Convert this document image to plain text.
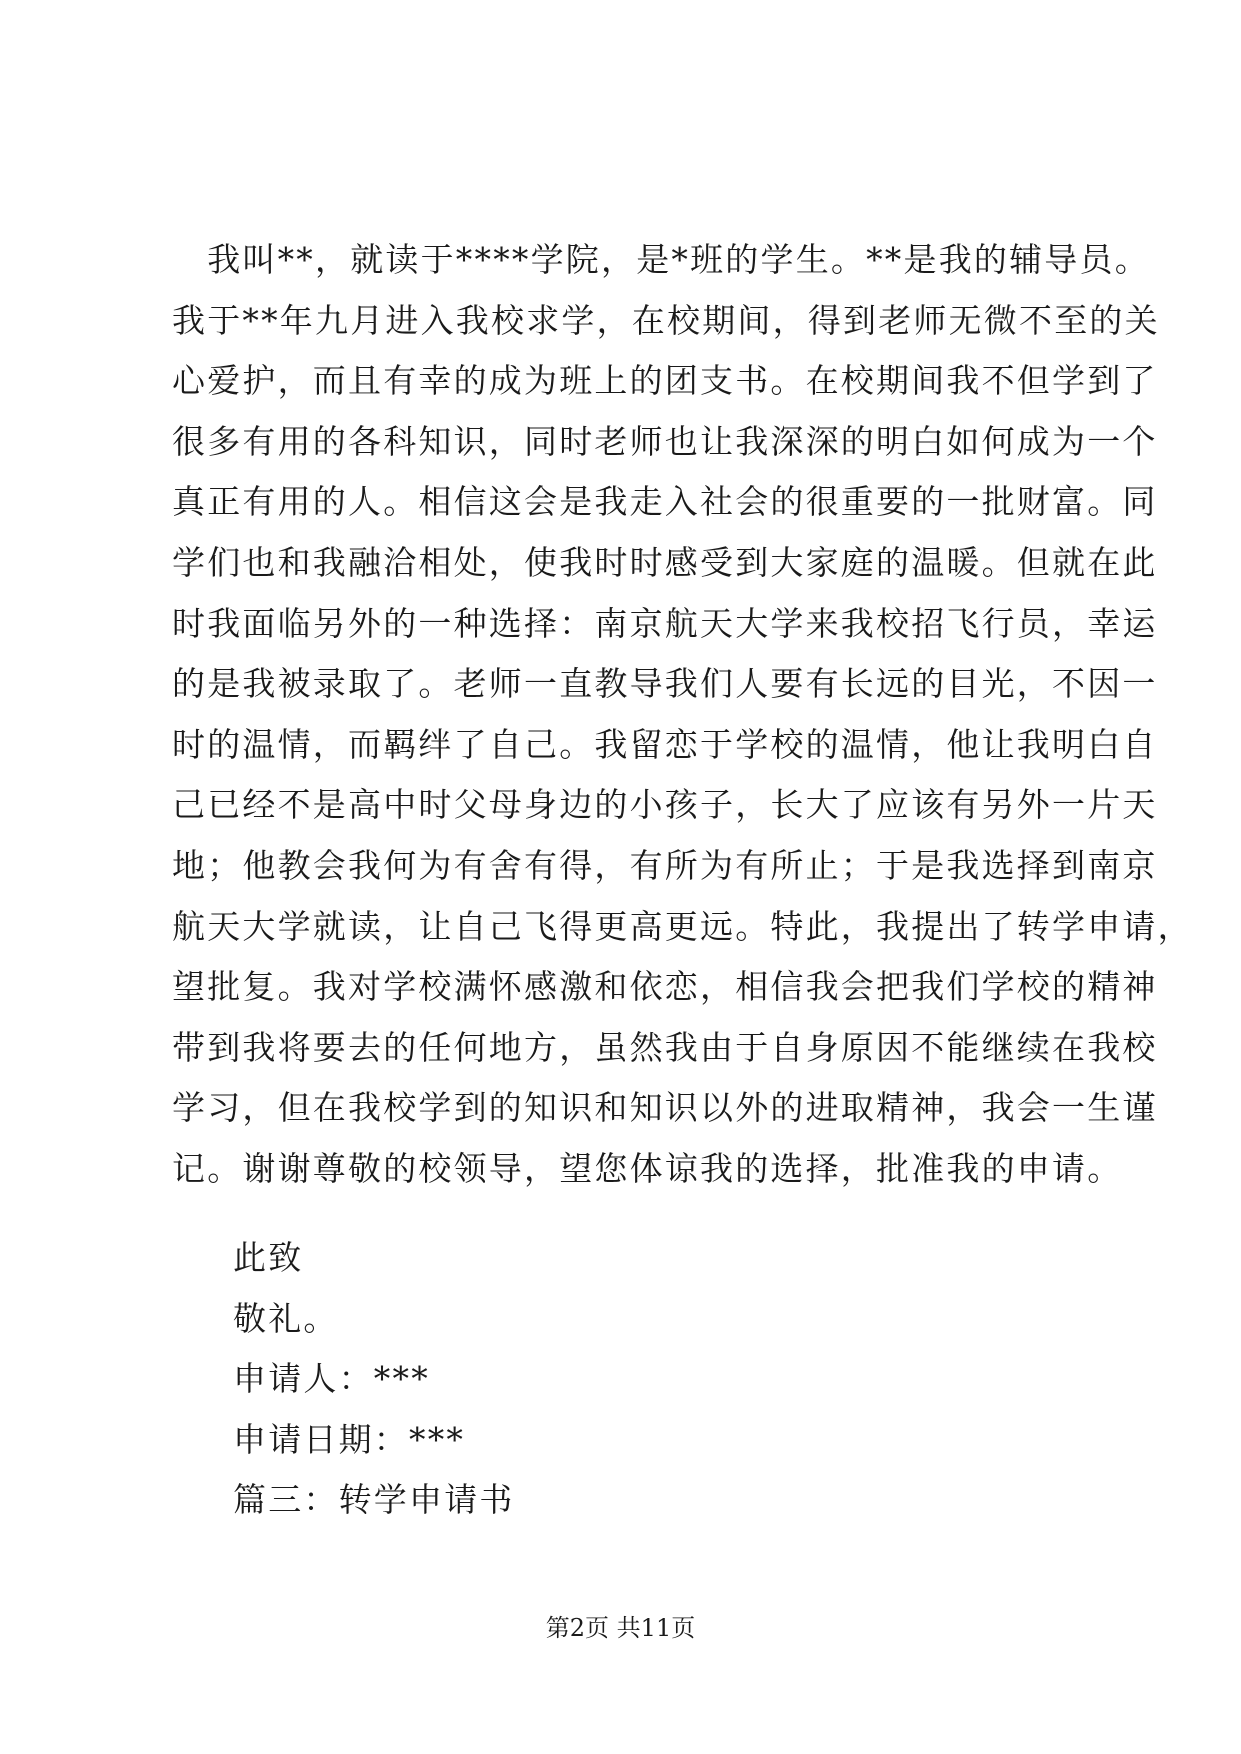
　我叫**，就读于****学院，是*班的学生。**是我的辅导员。
我于**年九月进入我校求学，在校期间，得到老师无微不至的关
心爱护，而且有幸的成为班上的团支书。在校期间我不但学到了
很多有用的各科知识，同时老师也让我深深的明白如何成为一个
真正有用的人。相信这会是我走入社会的很重要的一批财富。同
学们也和我融洽相处，使我时时感受到大家庭的温暖。但就在此
时我面临另外的一种选择：南京航天大学来我校招飞行员，幸运
的是我被录取了。老师一直教导我们人要有长远的目光，不因一
时的温情，而羁绊了自己。我留恋于学校的温情，他让我明白自
己已经不是高中时父母身边的小孩子，长大了应该有另外一片天
地；他教会我何为有舍有得，有所为有所止；于是我选择到南京
航天大学就读，让自己飞得更高更远。特此，我提出了转学申请，
望批复。我对学校满怀感激和依恋，相信我会把我们学校的精神
带到我将要去的任何地方，虽然我由于自身原因不能继续在我校
学习，但在我校学到的知识和知识以外的进取精神，我会一生谨
记。谢谢尊敬的校领导，望您体谅我的选择，批准我的申请。
此致
敬礼。
申请人：***
申请日期：***
篇三：转学申请书
第2页 共11页
